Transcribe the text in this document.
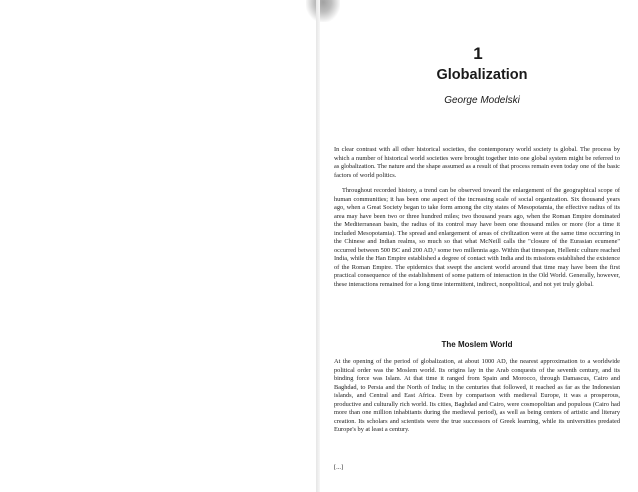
1
Globalization
George Modelski

In clear contrast with all other historical societies, the contemporary world society is global. The process by which a number of historical world societies were brought together into one global system might be referred to as globalization. The nature and the shape assumed as a result of that process remain even today one of the basic factors of world politics.

Throughout recorded history, a trend can be observed toward the enlargement of the geographical scope of human communities; it has been one aspect of the increasing scale of social organization. Six thousand years ago, when a Great Society began to take form among the city states of Mesopotamia, the effective radius of its area may have been two or three hundred miles; two thousand years ago, when the Roman Empire dominated the Mediterranean basin, the radius of its control may have been one thousand miles or more (for a time it included Mesopotamia). The spread and enlargement of areas of civilization were at the same time occurring in the Chinese and Indian realms, so much so that what McNeill calls the "closure of the Eurasian ecumene" occurred between 500 BC and 200 AD,¹ some two millennia ago. Within that timespan, Hellenic culture reached India, while the Han Empire established a degree of contact with India and its missions established the existence of the Roman Empire. The epidemics that swept the ancient world around that time may have been the first practical consequence of the establishment of some pattern of interaction in the Old World. Generally, however, these interactions remained for a long time intermittent, indirect, nonpolitical, and not yet truly global.

The Moslem World

At the opening of the period of globalization, at about 1000 AD, the nearest approximation to a worldwide political order was the Moslem world. Its origins lay in the Arab conquests of the seventh century, and its binding force was Islam. At that time it ranged from Spain and Morocco, through Damascus, Cairo and Baghdad, to Persia and the North of India; in the centuries that followed, it reached as far as the Indonesian islands, and Central and East Africa. Even by comparison with medieval Europe, it was a prosperous, productive and culturally rich world. Its cities, Baghdad and Cairo, were cosmopolitan and populous (Cairo had more than one million inhabitants during the medieval period), as well as being centers of artistic and literary creation. Its scholars and scientists were the true successors of Greek learning, while its universities predated Europe's by at least a century.

[...]
